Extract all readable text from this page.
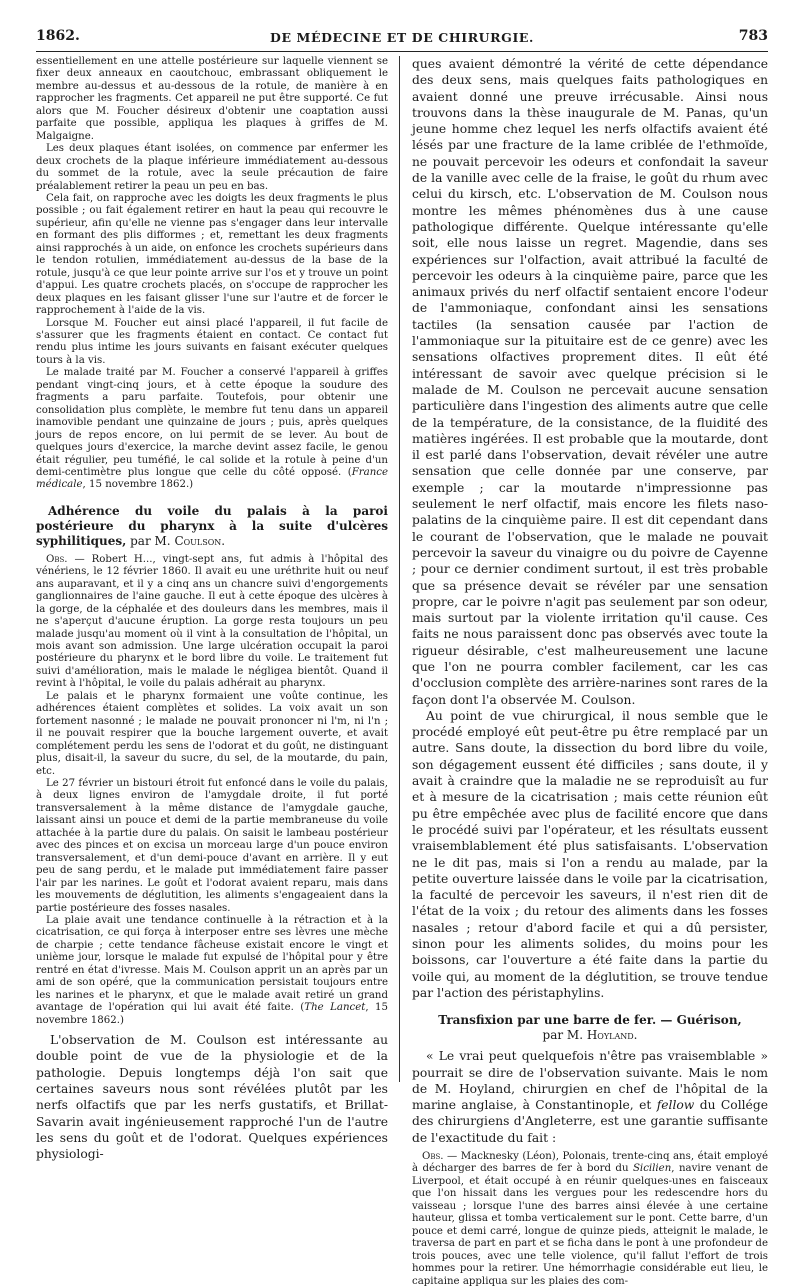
1862.	DE MÉDECINE ET DE CHIRURGIE.	783

essentiellement en une attelle postérieure sur laquelle viennent se fixer deux anneaux en caoutchouc, embrassant obliquement le membre au-dessus et au-dessous de la rotule, de manière à en rapprocher les fragments. Cet appareil ne put être supporté. Ce fut alors que M. Foucher désireux d'obtenir une coaptation aussi parfaite que possible, appliqua les plaques à griffes de M. Malgaigne.

Les deux plaques étant isolées, on commence par enfermer les deux crochets de la plaque inférieure immédiatement au-dessous du sommet de la rotule, avec la seule précaution de faire préalablement retirer la peau un peu en bas.

Cela fait, on rapproche avec les doigts les deux fragments le plus possible ; ou fait également retirer en haut la peau qui recouvre le supérieur, afin qu'elle ne vienne pas s'engager dans leur intervalle en formant des plis difformes ; et, remettant les deux fragments ainsi rapprochés à un aide, on enfonce les crochets supérieurs dans le tendon rotulien, immédiatement au-dessus de la base de la rotule, jusqu'à ce que leur pointe arrive sur l'os et y trouve un point d'appui. Les quatre crochets placés, on s'occupe de rapprocher les deux plaques en les faisant glisser l'une sur l'autre et de forcer le rapprochement à l'aide de la vis.

Lorsque M. Foucher eut ainsi placé l'appareil, il fut facile de s'assurer que les fragments étaient en contact. Ce contact fut rendu plus intime les jours suivants en faisant exécuter quelques tours à la vis.

Le malade traité par M. Foucher a conservé l'appareil à griffes pendant vingt-cinq jours, et à cette époque la soudure des fragments a paru parfaite. Toutefois, pour obtenir une consolidation plus complète, le membre fut tenu dans un appareil inamovible pendant une quinzaine de jours ; puis, après quelques jours de repos encore, on lui permit de se lever. Au bout de quelques jours d'exercice, la marche devint assez facile, le genou était régulier, peu tuméfié, le cal solide et la rotule à peine d'un demi-centimètre plus longue que celle du côté opposé. (France médicale, 15 novembre 1862.)

Adhérence du voile du palais à la paroi postérieure du pharynx à la suite d'ulcères syphilitiques, par M. Coulson.

Obs. — Robert H..., vingt-sept ans, fut admis à l'hôpital des vénériens, le 12 février 1860. Il avait eu une uréthrite huit ou neuf ans auparavant, et il y a cinq ans un chancre suivi d'engorgements ganglionnaires de l'aine gauche. Il eut à cette époque des ulcères à la gorge, de la céphalée et des douleurs dans les membres, mais il ne s'aperçut d'aucune éruption. La gorge resta toujours un peu malade jusqu'au moment où il vint à la consultation de l'hôpital, un mois avant son admission. Une large ulcération occupait la paroi postérieure du pharynx et le bord libre du voile. Le traitement fut suivi d'amélioration, mais le malade le négligea bientôt. Quand il revint à l'hôpital, le voile du palais adhérait au pharynx.

Le palais et le pharynx formaient une voûte continue, les adhérences étaient complètes et solides. La voix avait un son fortement nasonné ; le malade ne pouvait prononcer ni l'm, ni l'n ; il ne pouvait respirer que la bouche largement ouverte, et avait complétement perdu les sens de l'odorat et du goût, ne distinguant plus, disait-il, la saveur du sucre, du sel, de la moutarde, du pain, etc.

Le 27 février un bistouri étroit fut enfoncé dans le voile du palais, à deux lignes environ de l'amygdale droite, il fut porté transversalement à la même distance de l'amygdale gauche, laissant ainsi un pouce et demi de la partie membraneuse du voile attachée à la partie dure du palais. On saisit le lambeau postérieur avec des pinces et on excisa un morceau large d'un pouce environ transversalement, et d'un demi-pouce d'avant en arrière. Il y eut peu de sang perdu, et le malade put immédiatement faire passer l'air par les narines. Le goût et l'odorat avaient reparu, mais dans les mouvements de déglutition, les aliments s'engageaient dans la partie postérieure des fosses nasales.

La plaie avait une tendance continuelle à la rétraction et à la cicatrisation, ce qui força à interposer entre ses lèvres une mèche de charpie ; cette tendance fâcheuse existait encore le vingt et unième jour, lorsque le malade fut expulsé de l'hôpital pour y être rentré en état d'ivresse. Mais M. Coulson apprit un an après par un ami de son opéré, que la communication persistait toujours entre les narines et le pharynx, et que le malade avait retiré un grand avantage de l'opération qui lui avait été faite. (The Lancet, 15 novembre 1862.)

L'observation de M. Coulson est intéressante au double point de vue de la physiologie et de la pathologie. Depuis longtemps déjà l'on sait que certaines saveurs nous sont révélées plutôt par les nerfs olfactifs que par les nerfs gustatifs, et Brillat-Savarin avait ingénieusement rapproché l'un de l'autre les sens du goût et de l'odorat. Quelques expériences physiologi-

ques avaient démontré la vérité de cette dépendance des deux sens, mais quelques faits pathologiques en avaient donné une preuve irrécusable. Ainsi nous trouvons dans la thèse inaugurale de M. Panas, qu'un jeune homme chez lequel les nerfs olfactifs avaient été lésés par une fracture de la lame criblée de l'ethmoïde, ne pouvait percevoir les odeurs et confondait la saveur de la vanille avec celle de la fraise, le goût du rhum avec celui du kirsch, etc. L'observation de M. Coulson nous montre les mêmes phénomènes dus à une cause pathologique différente. Quelque intéressante qu'elle soit, elle nous laisse un regret. Magendie, dans ses expériences sur l'olfaction, avait attribué la faculté de percevoir les odeurs à la cinquième paire, parce que les animaux privés du nerf olfactif sentaient encore l'odeur de l'ammoniaque, confondant ainsi les sensations tactiles (la sensation causée par l'action de l'ammoniaque sur la pituitaire est de ce genre) avec les sensations olfactives proprement dites. Il eût été intéressant de savoir avec quelque précision si le malade de M. Coulson ne percevait aucune sensation particulière dans l'ingestion des aliments autre que celle de la température, de la consistance, de la fluidité des matières ingérées. Il est probable que la moutarde, dont il est parlé dans l'observation, devait révéler une autre sensation que celle donnée par une conserve, par exemple ; car la moutarde n'impressionne pas seulement le nerf olfactif, mais encore les filets naso-palatins de la cinquième paire. Il est dit cependant dans le courant de l'observation, que le malade ne pouvait percevoir la saveur du vinaigre ou du poivre de Cayenne ; pour ce dernier condiment surtout, il est très probable que sa présence devait se révéler par une sensation propre, car le poivre n'agit pas seulement par son odeur, mais surtout par la violente irritation qu'il cause. Ces faits ne nous paraissent donc pas observés avec toute la rigueur désirable, c'est malheureusement une lacune que l'on ne pourra combler facilement, car les cas d'occlusion complète des arrière-narines sont rares de la façon dont l'a observée M. Coulson.

Au point de vue chirurgical, il nous semble que le procédé employé eût peut-être pu être remplacé par un autre. Sans doute, la dissection du bord libre du voile, son dégagement eussent été difficiles ; sans doute, il y avait à craindre que la maladie ne se reproduisît au fur et à mesure de la cicatrisation ; mais cette réunion eût pu être empêchée avec plus de facilité encore que dans le procédé suivi par l'opérateur, et les résultats eussent vraisemblablement été plus satisfaisants. L'observation ne le dit pas, mais si l'on a rendu au malade, par la petite ouverture laissée dans le voile par la cicatrisation, la faculté de percevoir les saveurs, il n'est rien dit de l'état de la voix ; du retour des aliments dans les fosses nasales ; retour d'abord facile et qui a dû persister, sinon pour les aliments solides, du moins pour les boissons, car l'ouverture a été faite dans la partie du voile qui, au moment de la déglutition, se trouve tendue par l'action des péristaphylins.

Transfixion par une barre de fer. — Guérison,

par M. Hoyland.

« Le vrai peut quelquefois n'être pas vraisemblable » pourrait se dire de l'observation suivante. Mais le nom de M. Hoyland, chirurgien en chef de l'hôpital de la marine anglaise, à Constantinople, et fellow du Collége des chirurgiens d'Angleterre, est une garantie suffisante de l'exactitude du fait :

Obs. — Macknesky (Léon), Polonais, trente-cinq ans, était employé à décharger des barres de fer à bord du Sicilien, navire venant de Liverpool, et était occupé à en réunir quelques-unes en faisceaux que l'on hissait dans les vergues pour les redescendre hors du vaisseau ; lorsque l'une des barres ainsi élevée à une certaine hauteur, glissa et tomba verticalement sur le pont. Cette barre, d'un pouce et demi carré, longue de quinze pieds, atteignit le malade, le traversa de part en part et se ficha dans le pont à une profondeur de trois pouces, avec une telle violence, qu'il fallut l'effort de trois hommes pour la retirer. Une hémorrhagie considérable eut lieu, le capitaine appliqua sur les plaies des com-
